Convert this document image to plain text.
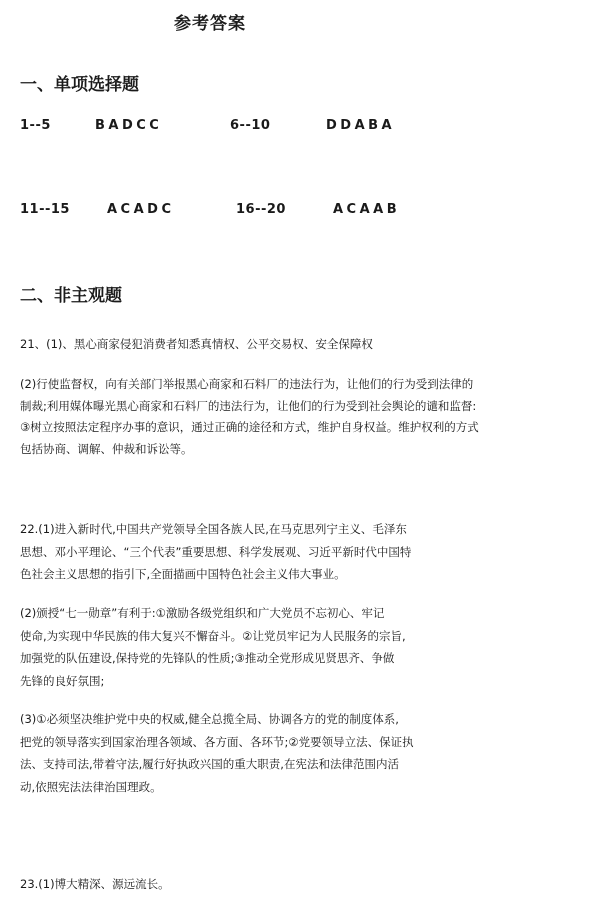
参考答案
一、单项选择题
1--5	BADCC	6--10	DDABA
11--15	ACADC	16--20	ACAAB
二、非主观题
21、(1)、黑心商家侵犯消费者知悉真情权、公平交易权、安全保障权
(2)行使监督权，向有关部门举报黑心商家和石料厂的违法行为，让他们的行为受到法律的
制裁;利用媒体曝光黑心商家和石料厂的违法行为，让他们的行为受到社会舆论的谴和监督:
③树立按照法定程序办事的意识，通过正确的途径和方式，维护自身权益。维护权利的方式
包括协商、调解、仲裁和诉讼等。
22.(1)进入新时代,中国共产党领导全国各族人民,在马克思列宁主义、毛泽东
思想、邓小平理论、“三个代表”重要思想、科学发展观、习近平新时代中国特
色社会主义思想的指引下,全面描画中国特色社会主义伟大事业。
(2)颁授“七一勋章”有利于:①激励各级党组织和广大党员不忘初心、牢记
使命,为实现中华民族的伟大复兴不懈奋斗。②让党员牢记为人民服务的宗旨,
加强党的队伍建设,保持党的先锋队的性质;③推动全党形成见贤思齐、争做
先锋的良好氛围;
(3)①必须坚决维护党中央的权威,健全总揽全局、协调各方的党的制度体系,
把党的领导落实到国家治理各领域、各方面、各环节;②党要领导立法、保证执
法、支持司法,带着守法,履行好执政兴国的重大职责,在宪法和法律范围内活
动,依照宪法法律治国理政。
23.(1)博大精深、源远流长。
